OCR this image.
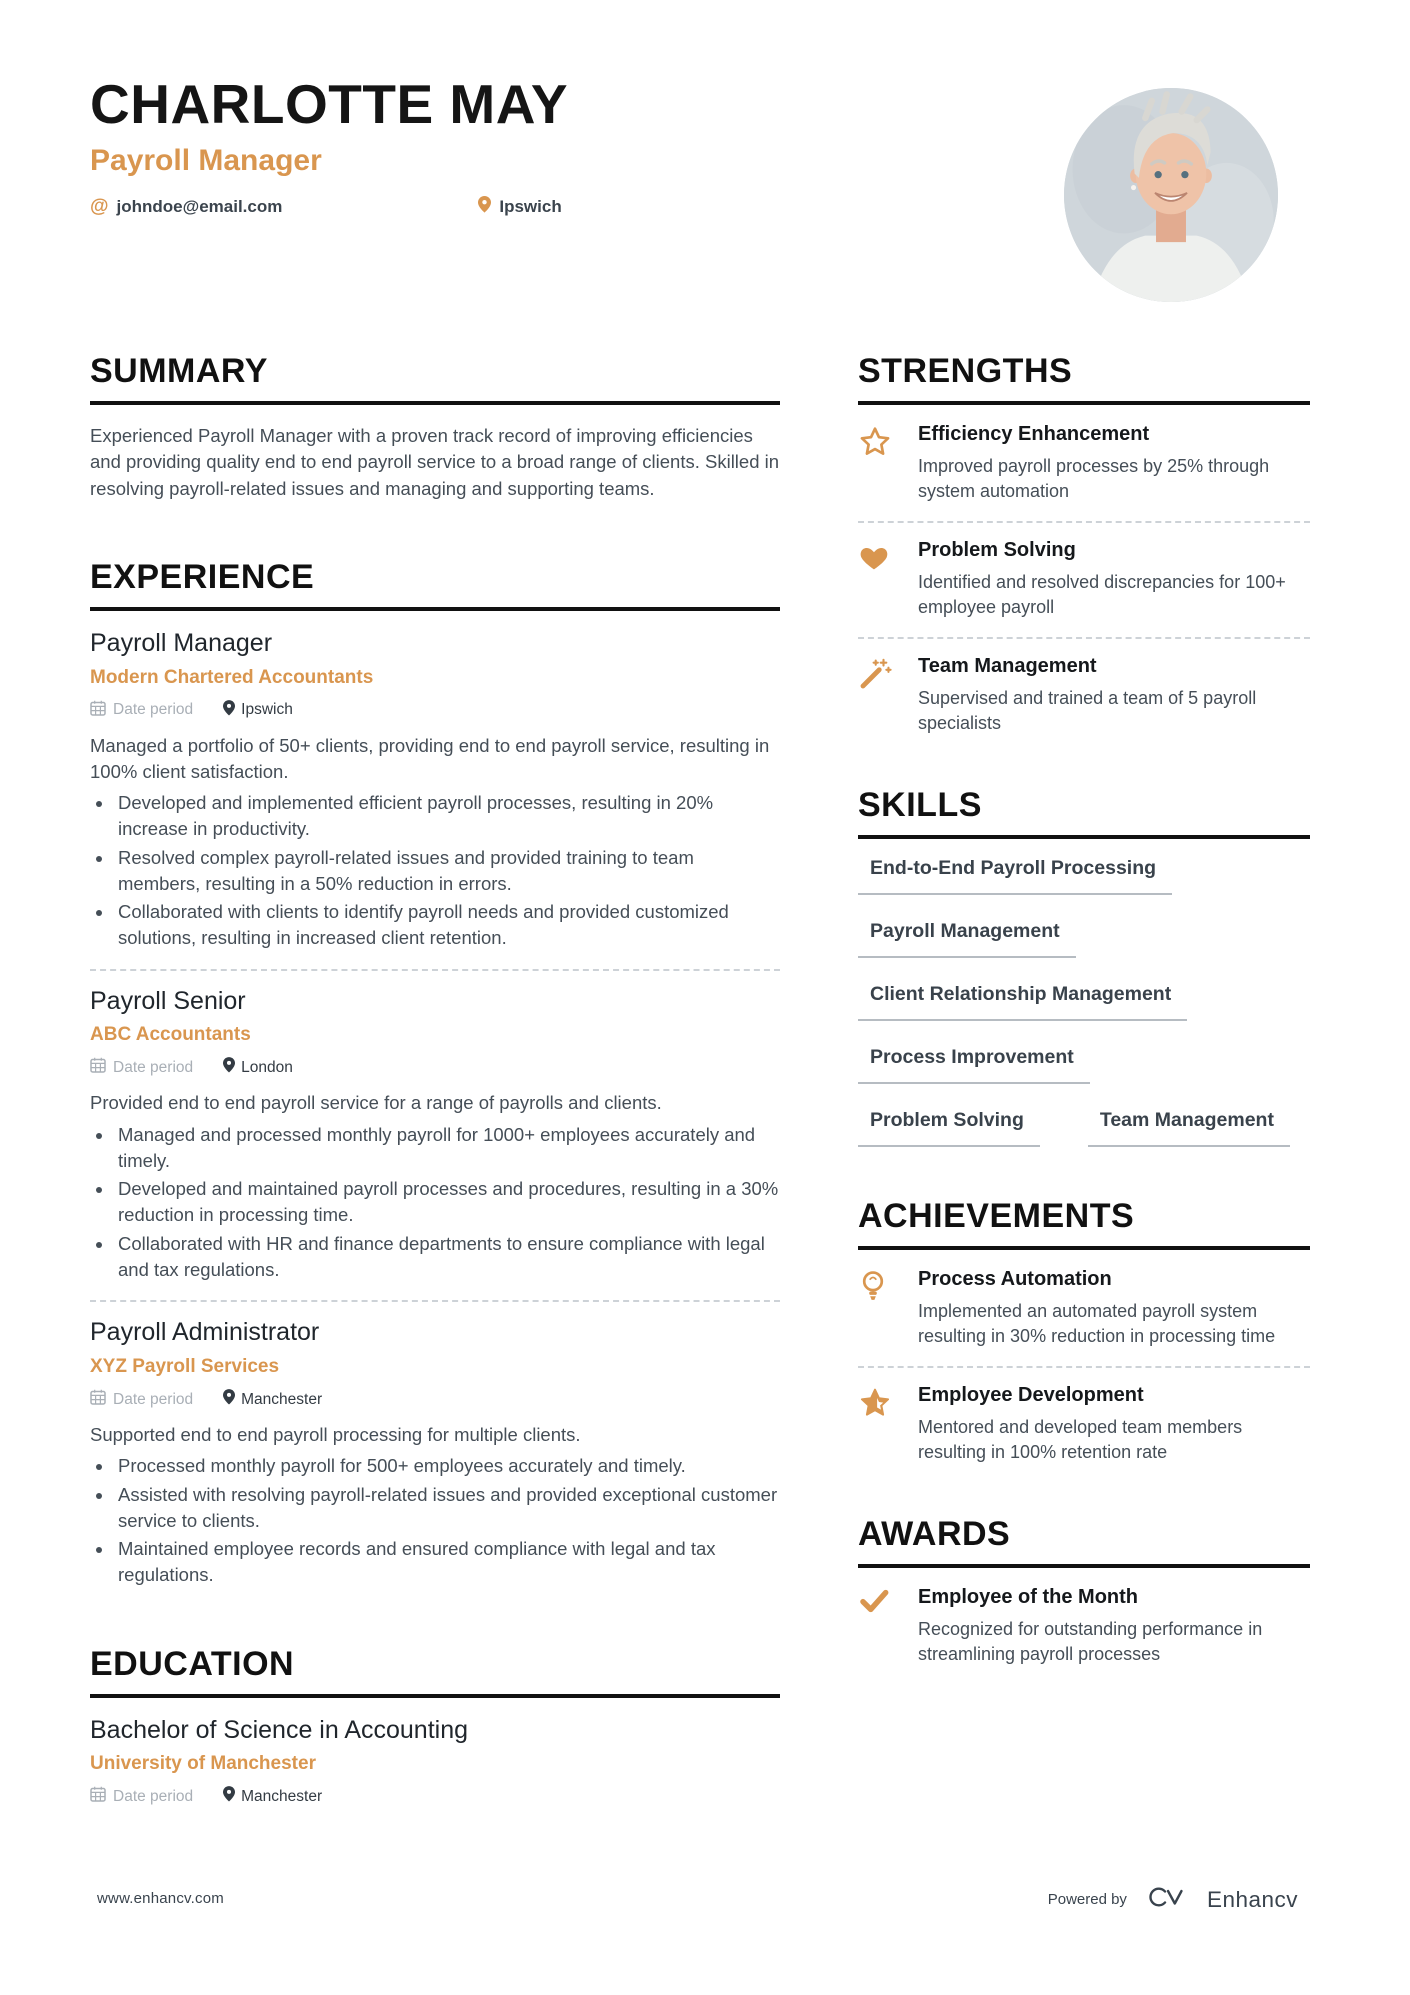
CHARLOTTE MAY
Payroll Manager
@ johndoe@email.com	Ipswich
SUMMARY

Experienced Payroll Manager with a proven track record of improving efficiencies and providing quality end to end payroll service to a broad range of clients. Skilled in resolving payroll-related issues and managing and supporting teams.

EXPERIENCE
Payroll Manager
Modern Chartered Accountants
Date period	Ipswich

Managed a portfolio of 50+ clients, providing end to end payroll service, resulting in 100% client satisfaction.

• Developed and implemented efficient payroll processes, resulting in 20% increase in productivity.
• Resolved complex payroll-related issues and provided training to team members, resulting in a 50% reduction in errors.
• Collaborated with clients to identify payroll needs and provided customized solutions, resulting in increased client retention.
Payroll Senior
ABC Accountants
Date period	London

Provided end to end payroll service for a range of payrolls and clients.

• Managed and processed monthly payroll for 1000+ employees accurately and timely.
• Developed and maintained payroll processes and procedures, resulting in a 30% reduction in processing time.
• Collaborated with HR and finance departments to ensure compliance with legal and tax regulations.
Payroll Administrator
XYZ Payroll Services
Date period	Manchester

Supported end to end payroll processing for multiple clients.

• Processed monthly payroll for 500+ employees accurately and timely.
• Assisted with resolving payroll-related issues and provided exceptional customer service to clients.
• Maintained employee records and ensured compliance with legal and tax regulations.
EDUCATION
Bachelor of Science in Accounting
University of Manchester
Date period	Manchester
STRENGTHS
Efficiency Enhancement
Improved payroll processes by 25% through system automation
Problem Solving
Identified and resolved discrepancies for 100+ employee payroll
Team Management
Supervised and trained a team of 5 payroll specialists
SKILLS
End-to-End Payroll Processing
Payroll Management
Client Relationship Management
Process Improvement
Problem Solving	Team Management
ACHIEVEMENTS
Process Automation
Implemented an automated payroll system resulting in 30% reduction in processing time
Employee Development
Mentored and developed team members resulting in 100% retention rate
AWARDS
Employee of the Month
Recognized for outstanding performance in streamlining payroll processes
www.enhancv.com	Powered by	Enhancv
